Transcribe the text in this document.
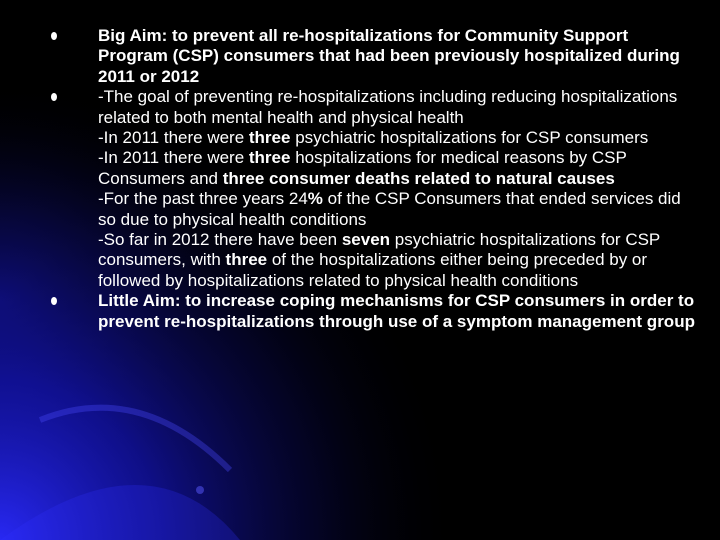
Big Aim: to prevent all re-hospitalizations for Community Support Program (CSP) consumers that had been previously hospitalized during 2011 or 2012
-The goal of preventing re-hospitalizations including reducing hospitalizations related to both mental health and physical health
-In 2011 there were three psychiatric hospitalizations for CSP consumers
-In 2011 there were three hospitalizations for medical reasons by CSP Consumers and three consumer deaths related to natural causes
-For the past three years 24% of the CSP Consumers that ended services did so due to physical health conditions
-So far in 2012 there have been seven psychiatric hospitalizations for CSP consumers, with three of the hospitalizations either being preceded by or followed by hospitalizations related to physical health conditions
Little Aim: to increase coping mechanisms for CSP consumers in order to prevent re-hospitalizations through use of a symptom management group
